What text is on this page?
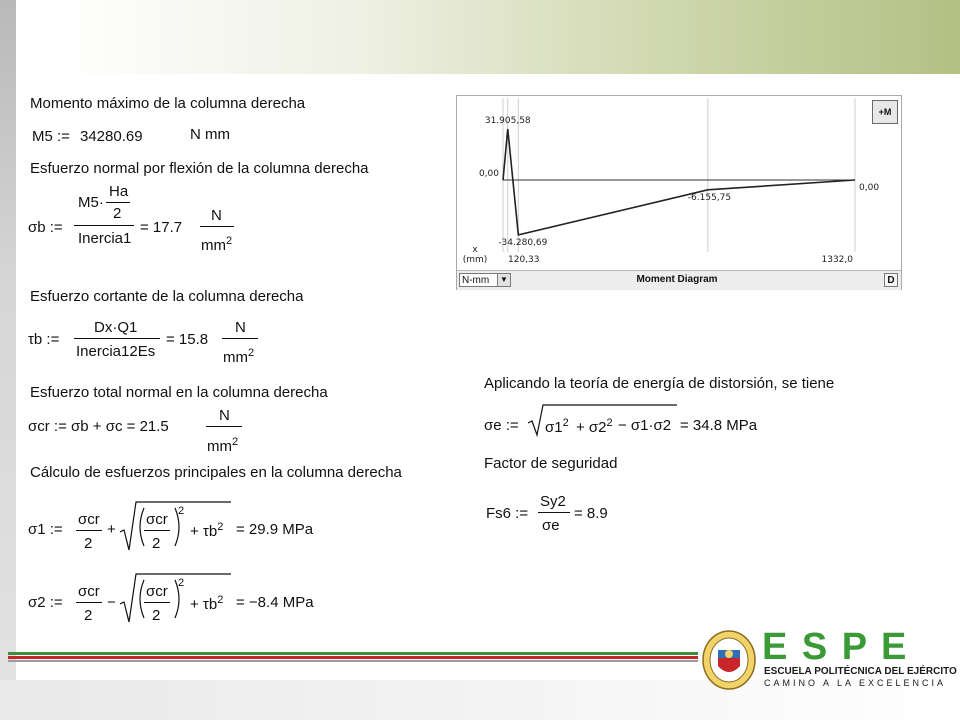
Momento máximo de la columna derecha
M5 := 34280.69	N mm
Esfuerzo normal por flexión de la columna derecha
σb :=
M5·
Ha
2
Inercia1
= 17.7
N
$mm^2$
Esfuerzo cortante de la columna derecha
τb :=
Dx·Q1
Inercia12Es
= 15.8
N
$mm^2$
Esfuerzo total normal en la columna derecha
σcr := σb + σc = 21.5
N
$mm^2$
Cálculo de esfuerzos principales en la columna derecha
σ1 :=
σcr
2
+
σcr
2
2
+ $\tau b^2 = 29.9$ MPa
σ2 :=
σcr
2
−
σcr
2
2
+ $\tau b^2 = -8.4$ MPa
0,00
31.905,58
-34.280,69
-6.155,75
0,00
x
(mm) 120,33	1332,0
+M
N-mm	▼	Moment Diagram	D
Aplicando la teoría de energía de distorsión, se tiene
σe := $\sigma 1^2 + \sigma 2^2 - \sigma 1\cdot\sigma 2 = 34.8$ MPa
Factor de seguridad
Fs6 :=
Sy2
σe
= 8.9
E S P E
ESCUELA POLITÉCNICA DEL EJÉRCITO
CAMINO A LA EXCELENCIA
